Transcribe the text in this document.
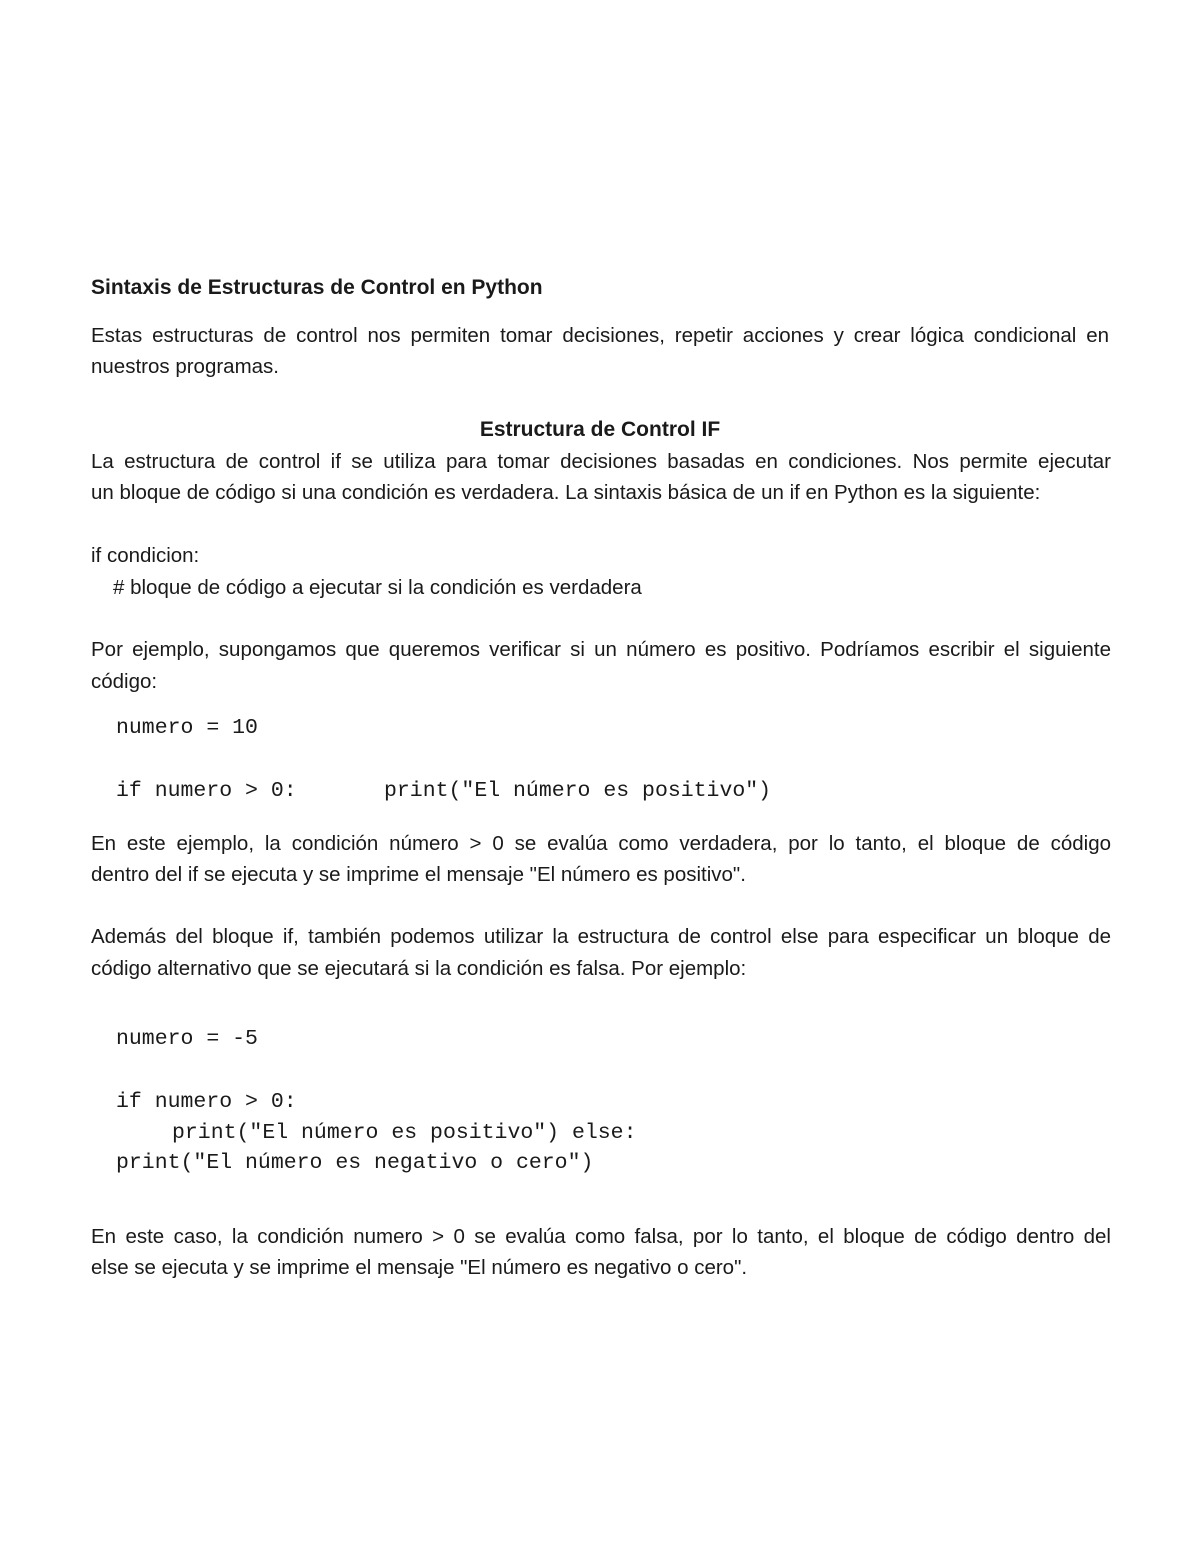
Sintaxis de Estructuras de Control en Python
Estas estructuras de control nos permiten tomar decisiones, repetir acciones y crear lógica condicional en
nuestros programas.
Estructura de Control IF
La estructura de control if se utiliza para tomar decisiones basadas en condiciones. Nos permite ejecutar
un bloque de código si una condición es verdadera. La sintaxis básica de un if en Python es la siguiente:
if condicion:
# bloque de código a ejecutar si la condición es verdadera
Por ejemplo, supongamos que queremos verificar si un número es positivo. Podríamos escribir el siguiente
código:
numero = 10
if numero > 0:	print("El número es positivo")
En este ejemplo, la condición número > 0 se evalúa como verdadera, por lo tanto, el bloque de código
dentro del if se ejecuta y se imprime el mensaje "El número es positivo".
Además del bloque if, también podemos utilizar la estructura de control else para especificar un bloque de
código alternativo que se ejecutará si la condición es falsa. Por ejemplo:
numero = -5
if numero > 0:
print("El número es positivo") else:
print("El número es negativo o cero")
En este caso, la condición numero > 0 se evalúa como falsa, por lo tanto, el bloque de código dentro del
else se ejecuta y se imprime el mensaje "El número es negativo o cero".
